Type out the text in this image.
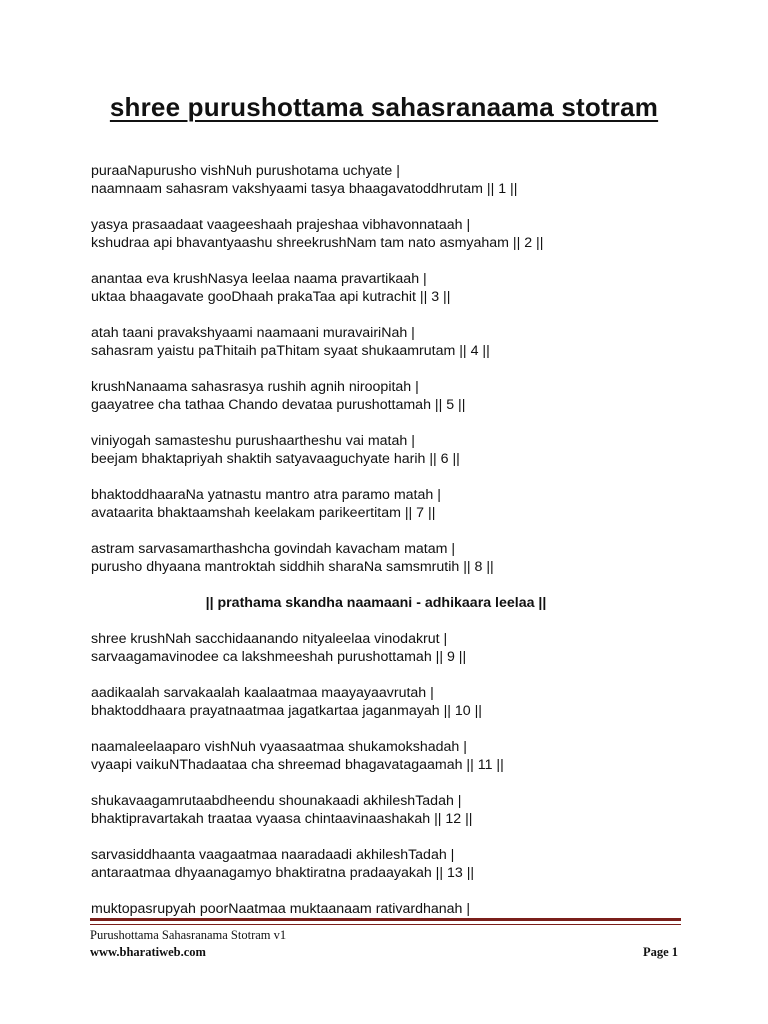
shree purushottama sahasranaama stotram
puraaNapurusho vishNuh purushotama uchyate |
naamnaam sahasram vakshyaami tasya bhaagavatoddhrutam || 1 ||
yasya prasaadaat vaageeshaah prajeshaa vibhavonnataah |
kshudraa api bhavantyaashu shreekrushNam tam nato asmyaham || 2 ||
anantaa eva krushNasya leelaa naama pravartikaah |
uktaa bhaagavate gooDhaah prakaTaa api kutrachit || 3 ||
atah taani pravakshyaami naamaani muravairiNah |
sahasram yaistu paThitaih paThitam syaat shukaamrutam || 4 ||
krushNanaama sahasrasya rushih agnih niroopitah |
gaayatree cha tathaa Chando devataa purushottamah || 5 ||
viniyogah samasteshu purushaartheshu vai matah |
beejam bhaktapriyah shaktih satyavaaguchyate harih || 6 ||
bhaktoddhaaraNa yatnastu mantro atra paramo matah |
avataarita bhaktaamshah keelakam parikeertitam || 7 ||
astram sarvasamarthashcha govindah kavacham matam |
purusho dhyaana mantroktah siddhih sharaNa samsmrutih || 8 ||
|| prathama skandha naamaani - adhikaara leelaa ||
shree krushNah sacchidaanando nityaleelaa vinodakrut |
sarvaagamavinodee ca lakshmeeshah purushottamah || 9 ||
aadikaalah sarvakaalah kaalaatmaa maayayaavrutah |
bhaktoddhaara prayatnaatmaa jagatkartaa jaganmayah || 10 ||
naamaleelaaparo vishNuh vyaasaatmaa shukamokshadah |
vyaapi vaikuNThadaataa cha shreemad bhagavatagaamah || 11 ||
shukavaagamrutaabdheendu shounakaadi akhileshTadah |
bhaktipravartakah traataa vyaasa chintaavinaashakah || 12 ||
sarvasiddhaanta vaagaatmaa naaradaadi akhileshTadah |
antaraatmaa dhyaanagamyo bhaktiratna pradaayakah || 13 ||
muktopasrupyah poorNaatmaa muktaanaam rativardhanah |
Purushottama Sahasranama Stotram v1
www.bharatiweb.com	Page 1
